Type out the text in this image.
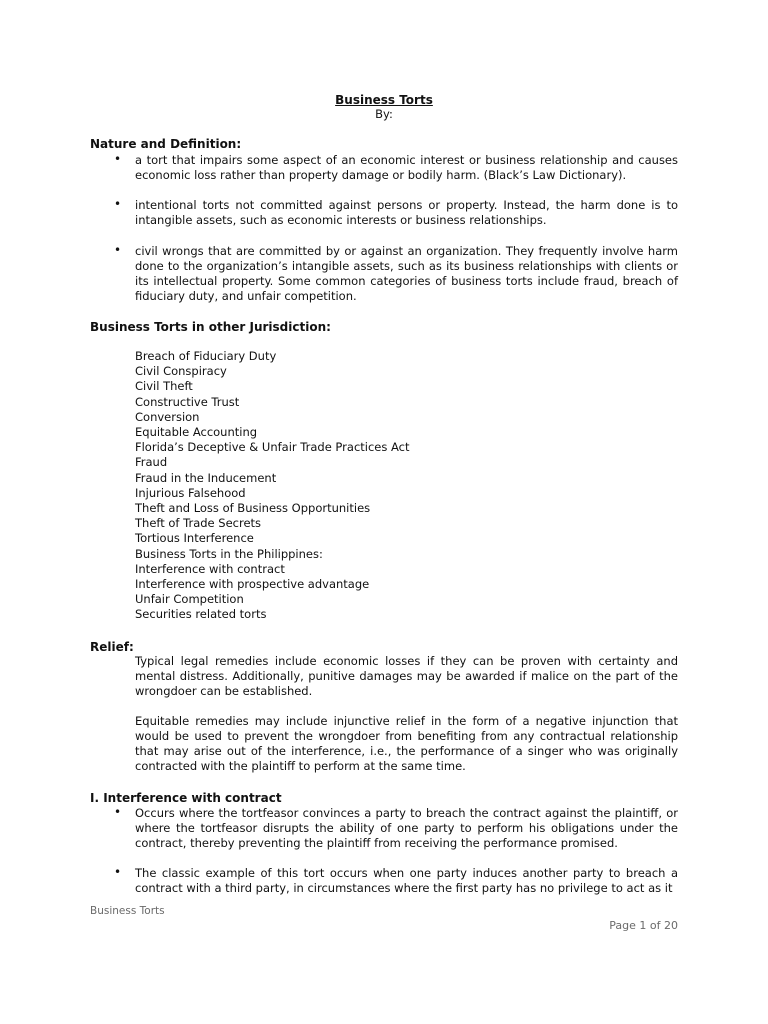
Business Torts
By:
Nature and Definition:
• a tort that impairs some aspect of an economic interest or business relationship and causes economic loss rather than property damage or bodily harm. (Black’s Law Dictionary).
• intentional torts not committed against persons or property. Instead, the harm done is to intangible assets, such as economic interests or business relationships.
• civil wrongs that are committed by or against an organization. They frequently involve harm done to the organization’s intangible assets, such as its business relationships with clients or its intellectual property. Some common categories of business torts include fraud, breach of fiduciary duty, and unfair competition.
Business Torts in other Jurisdiction:
Breach of Fiduciary Duty
Civil Conspiracy
Civil Theft
Constructive Trust
Conversion
Equitable Accounting
Florida’s Deceptive & Unfair Trade Practices Act
Fraud
Fraud in the Inducement
Injurious Falsehood
Theft and Loss of Business Opportunities
Theft of Trade Secrets
Tortious Interference
Business Torts in the Philippines:
Interference with contract
Interference with prospective advantage
Unfair Competition
Securities related torts
Relief:
Typical legal remedies include economic losses if they can be proven with certainty and mental distress. Additionally, punitive damages may be awarded if malice on the part of the wrongdoer can be established.
Equitable remedies may include injunctive relief in the form of a negative injunction that would be used to prevent the wrongdoer from benefiting from any contractual relationship that may arise out of the interference, i.e., the performance of a singer who was originally contracted with the plaintiff to perform at the same time.
I. Interference with contract
• Occurs where the tortfeasor convinces a party to breach the contract against the plaintiff, or where the tortfeasor disrupts the ability of one party to perform his obligations under the contract, thereby preventing the plaintiff from receiving the performance promised.
• The classic example of this tort occurs when one party induces another party to breach a contract with a third party, in circumstances where the first party has no privilege to act as it
Business Torts
Page 1 of 20
